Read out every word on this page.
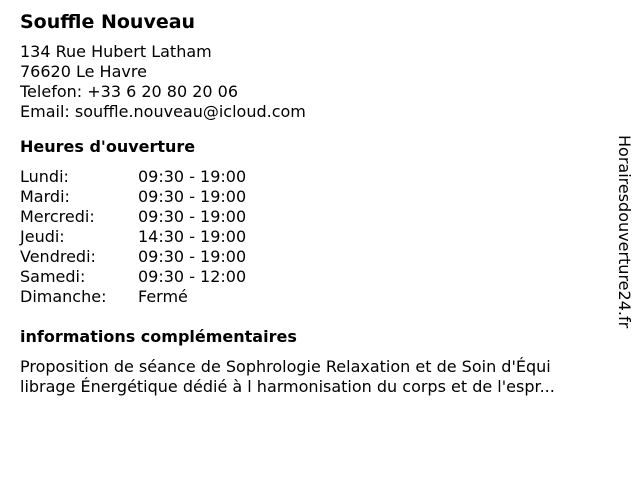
Souffle Nouveau
134 Rue Hubert Latham
76620 Le Havre
Telefon: +33 6 20 80 20 06
Email: souffle.nouveau@icloud.com
Heures d'ouverture
Lundi:	09:30 - 19:00
Mardi:	09:30 - 19:00
Mercredi:	09:30 - 19:00
Jeudi:	14:30 - 19:00
Vendredi:	09:30 - 19:00
Samedi:	09:30 - 12:00
Dimanche:	Fermé
informations complémentaires
Proposition de séance de Sophrologie Relaxation et de Soin d'Équi
librage Énergétique dédié à l harmonisation du corps et de l'espr...
Horairesdouverture24.fr
